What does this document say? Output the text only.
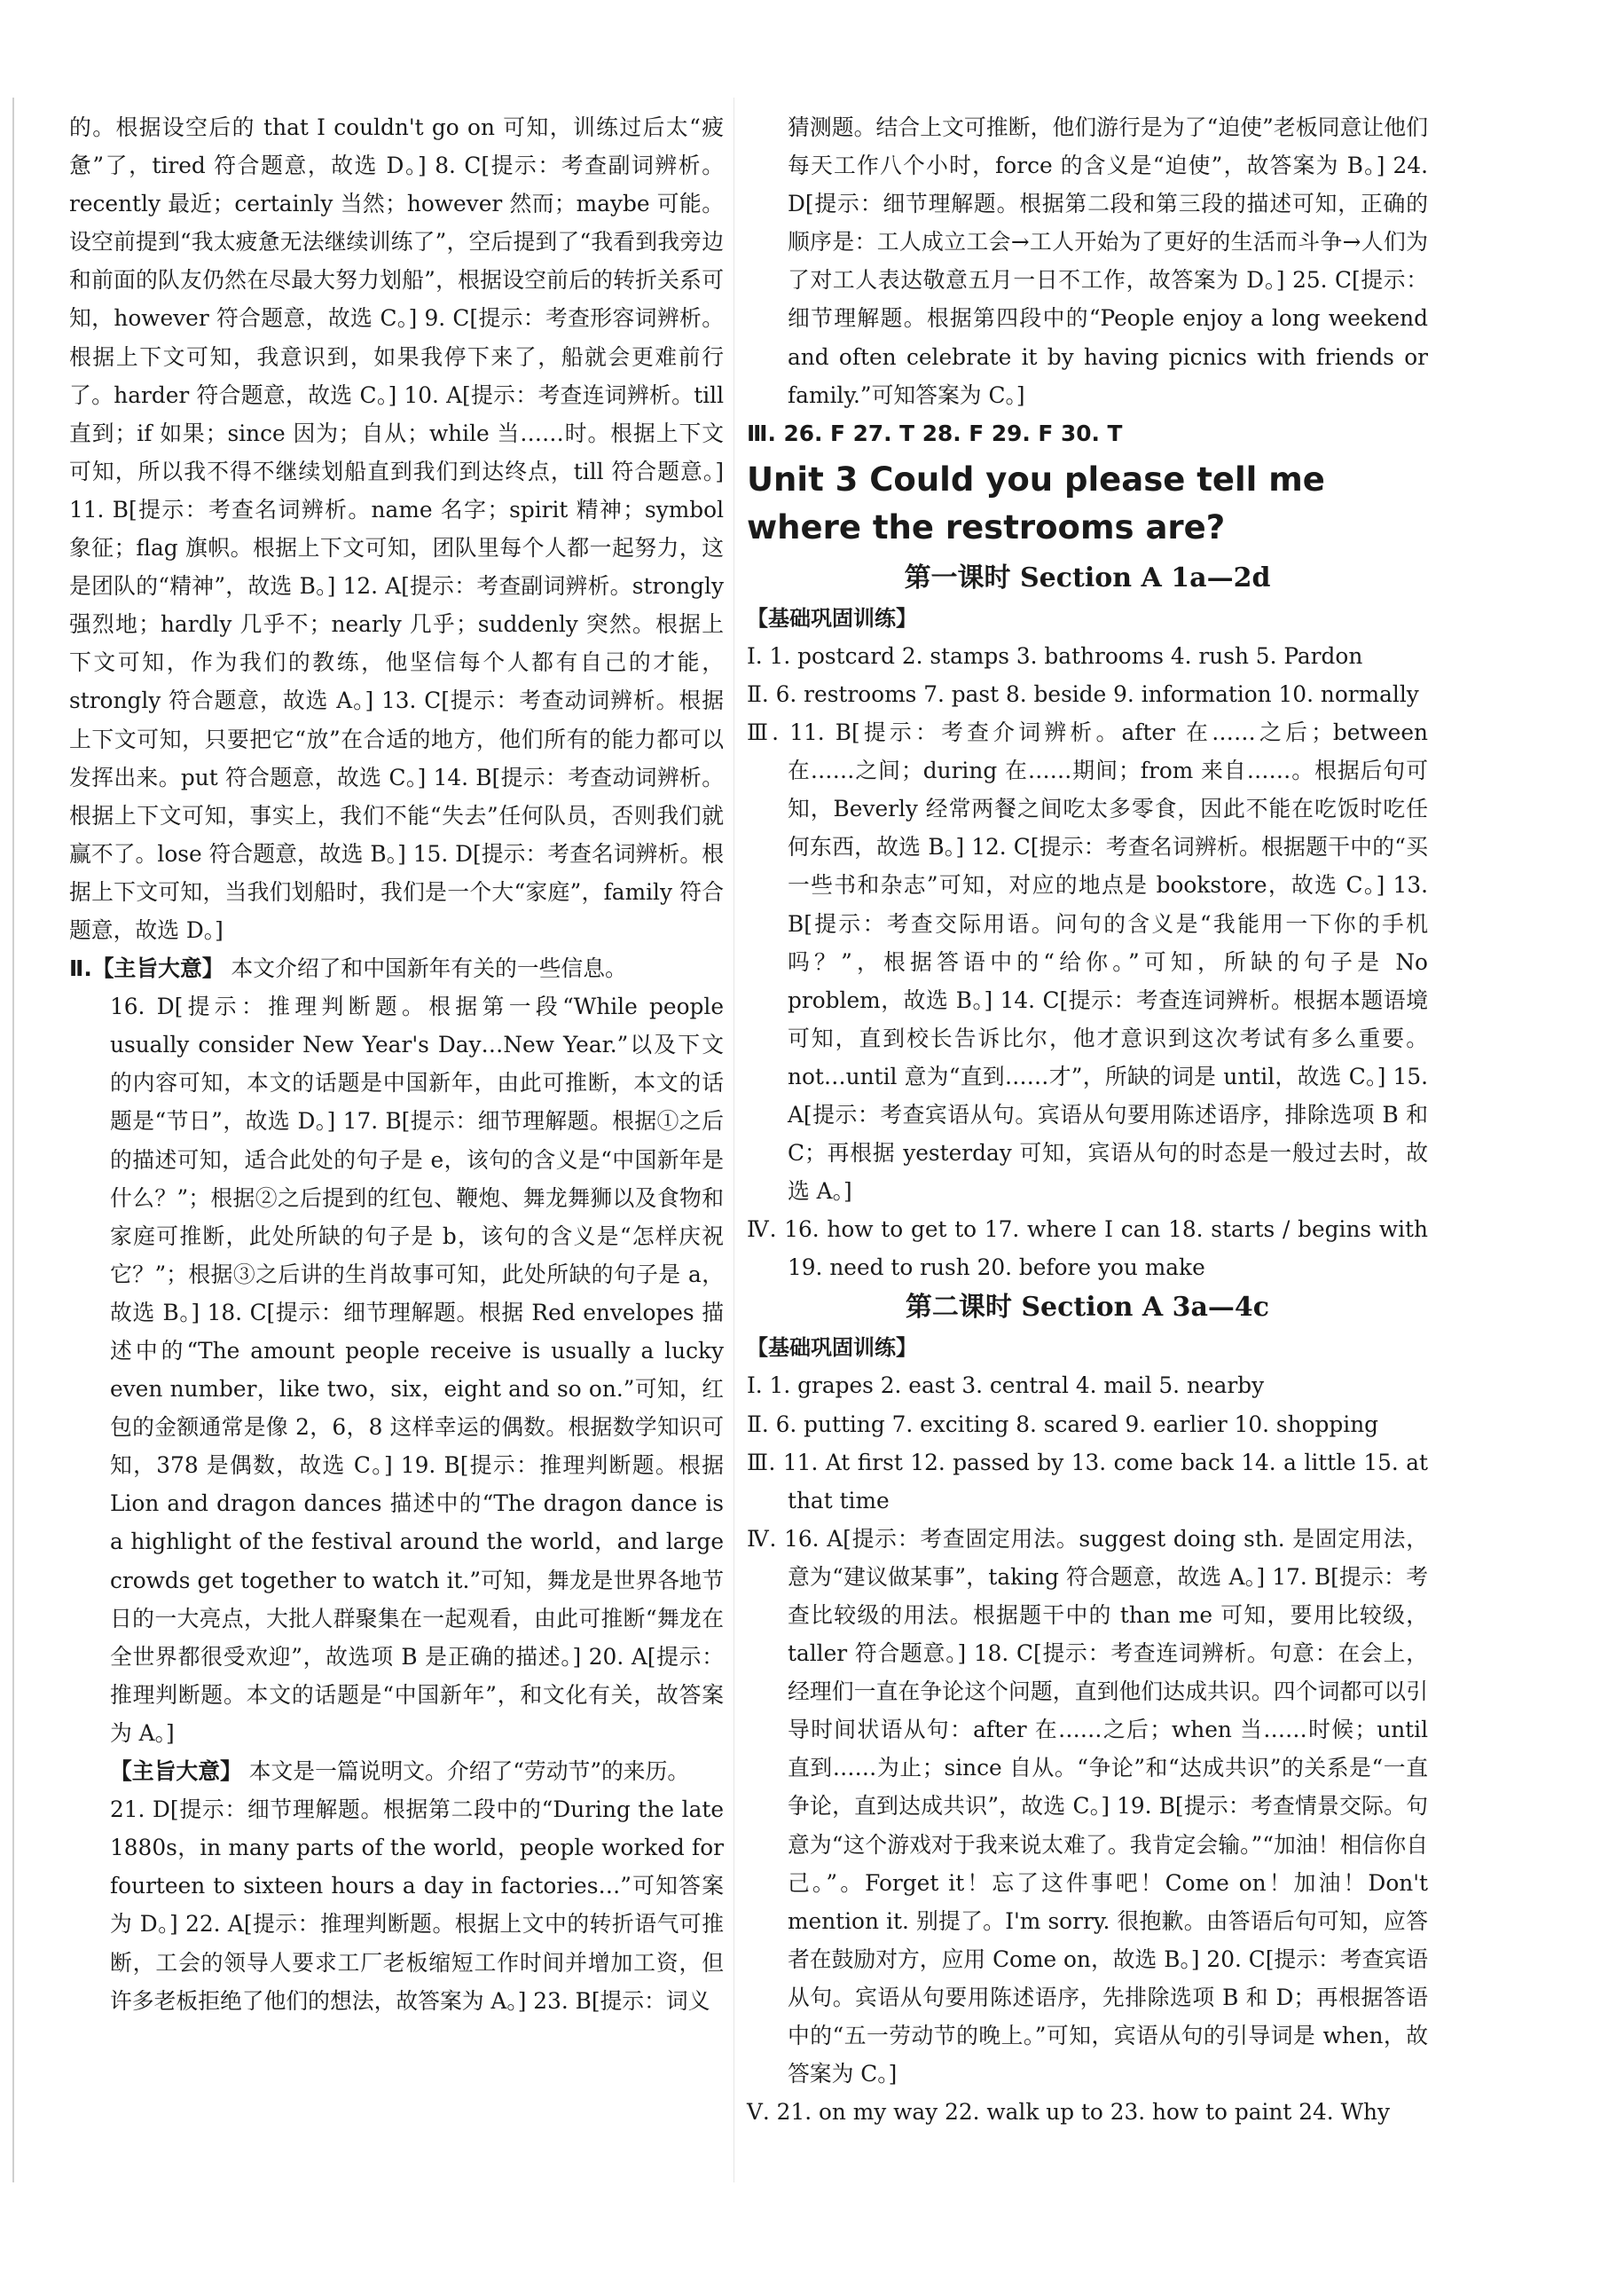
的。根据设空后的 that I couldn't go on 可知，训练过后太“疲惫”了，tired 符合题意，故选 D。] 8. C[提示：考查副词辨析。recently 最近；certainly 当然；however 然而；maybe 可能。设空前提到“我太疲惫无法继续训练了”，空后提到了“我看到我旁边和前面的队友仍然在尽最大努力划船”，根据设空前后的转折关系可知，however 符合题意，故选 C。] 9. C[提示：考查形容词辨析。根据上下文可知，我意识到，如果我停下来了，船就会更难前行了。harder 符合题意，故选 C。] 10. A[提示：考查连词辨析。till 直到；if 如果；since 因为；自从；while 当……时。根据上下文可知，所以我不得不继续划船直到我们到达终点，till 符合题意。] 11. B[提示：考查名词辨析。name 名字；spirit 精神；symbol 象征；flag 旗帜。根据上下文可知，团队里每个人都一起努力，这是团队的“精神”，故选 B。] 12. A[提示：考查副词辨析。strongly 强烈地；hardly 几乎不；nearly 几乎；suddenly 突然。根据上下文可知，作为我们的教练，他坚信每个人都有自己的才能，strongly 符合题意，故选 A。] 13. C[提示：考查动词辨析。根据上下文可知，只要把它“放”在合适的地方，他们所有的能力都可以发挥出来。put 符合题意，故选 C。] 14. B[提示：考查动词辨析。根据上下文可知，事实上，我们不能“失去”任何队员，否则我们就赢不了。lose 符合题意，故选 B。] 15. D[提示：考查名词辨析。根据上下文可知，当我们划船时，我们是一个大“家庭”，family 符合题意，故选 D。]

Ⅱ.【主旨大意】 本文介绍了和中国新年有关的一些信息。

16. D[提示：推理判断题。根据第一段“While people usually consider New Year's Day…New Year.”以及下文的内容可知，本文的话题是中国新年，由此可推断，本文的话题是“节日”，故选 D。] 17. B[提示：细节理解题。根据①之后的描述可知，适合此处的句子是 e，该句的含义是“中国新年是什么？”；根据②之后提到的红包、鞭炮、舞龙舞狮以及食物和家庭可推断，此处所缺的句子是 b，该句的含义是“怎样庆祝它？”；根据③之后讲的生肖故事可知，此处所缺的句子是 a，故选 B。] 18. C[提示：细节理解题。根据 Red envelopes 描述中的“The amount people receive is usually a lucky even number，like two，six，eight and so on.”可知，红包的金额通常是像 2，6，8 这样幸运的偶数。根据数学知识可知，378 是偶数，故选 C。] 19. B[提示：推理判断题。根据 Lion and dragon dances 描述中的“The dragon dance is a highlight of the festival around the world，and large crowds get together to watch it.”可知，舞龙是世界各地节日的一大亮点，大批人群聚集在一起观看，由此可推断“舞龙在全世界都很受欢迎”，故选项 B 是正确的描述。] 20. A[提示：推理判断题。本文的话题是“中国新年”，和文化有关，故答案为 A。]

【主旨大意】 本文是一篇说明文。介绍了“劳动节”的来历。

21. D[提示：细节理解题。根据第二段中的“During the late 1880s，in many parts of the world，people worked for fourteen to sixteen hours a day in factories…”可知答案为 D。] 22. A[提示：推理判断题。根据上文中的转折语气可推断，工会的领导人要求工厂老板缩短工作时间并增加工资，但许多老板拒绝了他们的想法，故答案为 A。] 23. B[提示：词义

猜测题。结合上文可推断，他们游行是为了“迫使”老板同意让他们每天工作八个小时，force 的含义是“迫使”，故答案为 B。] 24. D[提示：细节理解题。根据第二段和第三段的描述可知，正确的顺序是：工人成立工会→工人开始为了更好的生活而斗争→人们为了对工人表达敬意五月一日不工作，故答案为 D。] 25. C[提示：细节理解题。根据第四段中的“People enjoy a long weekend and often celebrate it by having picnics with friends or family.”可知答案为 C。]

Ⅲ. 26. F 27. T 28. F 29. F 30. T

Unit 3 Could you please tell me where the restrooms are?
第一课时 Section A 1a—2d
【基础巩固训练】

Ⅰ. 1. postcard 2. stamps 3. bathrooms 4. rush 5. Pardon

Ⅱ. 6. restrooms 7. past 8. beside 9. information 10. normally

Ⅲ. 11. B[提示：考查介词辨析。after 在……之后；between 在……之间；during 在……期间；from 来自……。根据后句可知，Beverly 经常两餐之间吃太多零食，因此不能在吃饭时吃任何东西，故选 B。] 12. C[提示：考查名词辨析。根据题干中的“买一些书和杂志”可知，对应的地点是 bookstore，故选 C。] 13. B[提示：考查交际用语。问句的含义是“我能用一下你的手机吗？”，根据答语中的“给你。”可知，所缺的句子是 No problem，故选 B。] 14. C[提示：考查连词辨析。根据本题语境可知，直到校长告诉比尔，他才意识到这次考试有多么重要。not…until 意为“直到……才”，所缺的词是 until，故选 C。] 15. A[提示：考查宾语从句。宾语从句要用陈述语序，排除选项 B 和 C；再根据 yesterday 可知，宾语从句的时态是一般过去时，故选 A。]

Ⅳ. 16. how to get to 17. where I can 18. starts / begins with 19. need to rush 20. before you make

第二课时 Section A 3a—4c
【基础巩固训练】

Ⅰ. 1. grapes 2. east 3. central 4. mail 5. nearby

Ⅱ. 6. putting 7. exciting 8. scared 9. earlier 10. shopping

Ⅲ. 11. At first 12. passed by 13. come back 14. a little 15. at that time

Ⅳ. 16. A[提示：考查固定用法。suggest doing sth. 是固定用法，意为“建议做某事”，taking 符合题意，故选 A。] 17. B[提示：考查比较级的用法。根据题干中的 than me 可知，要用比较级，taller 符合题意。] 18. C[提示：考查连词辨析。句意：在会上，经理们一直在争论这个问题，直到他们达成共识。四个词都可以引导时间状语从句：after 在……之后；when 当……时候；until 直到……为止；since 自从。“争论”和“达成共识”的关系是“一直争论，直到达成共识”，故选 C。] 19. B[提示：考查情景交际。句意为“这个游戏对于我来说太难了。我肯定会输。”“加油！相信你自己。”。Forget it！忘了这件事吧！Come on！加油！Don't mention it. 别提了。I'm sorry. 很抱歉。由答语后句可知，应答者在鼓励对方，应用 Come on，故选 B。] 20. C[提示：考查宾语从句。宾语从句要用陈述语序，先排除选项 B 和 D；再根据答语中的“五一劳动节的晚上。”可知，宾语从句的引导词是 when，故答案为 C。]

Ⅴ. 21. on my way 22. walk up to 23. how to paint 24. Why
